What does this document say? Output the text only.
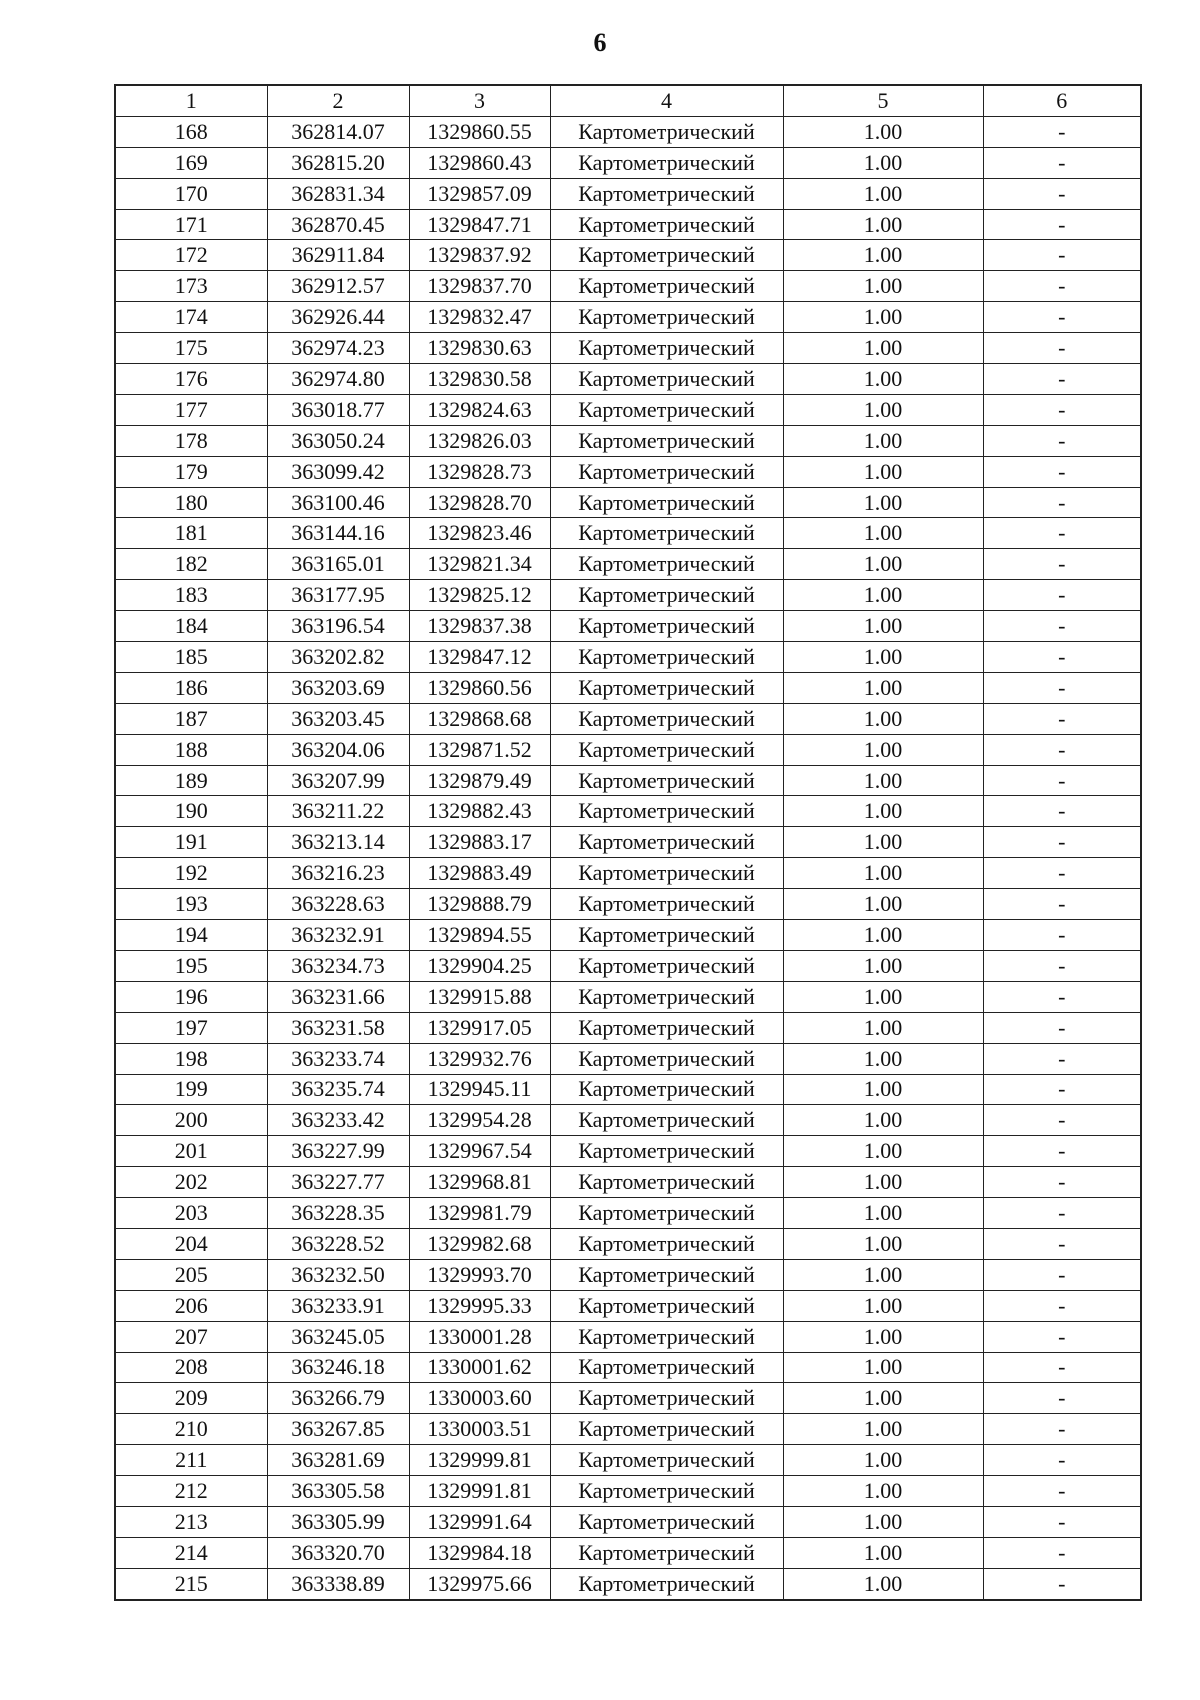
6
1	2	3	4	5	6
168	362814.07	1329860.55	Картометрический	1.00	-
169	362815.20	1329860.43	Картометрический	1.00	-
170	362831.34	1329857.09	Картометрический	1.00	-
171	362870.45	1329847.71	Картометрический	1.00	-
172	362911.84	1329837.92	Картометрический	1.00	-
173	362912.57	1329837.70	Картометрический	1.00	-
174	362926.44	1329832.47	Картометрический	1.00	-
175	362974.23	1329830.63	Картометрический	1.00	-
176	362974.80	1329830.58	Картометрический	1.00	-
177	363018.77	1329824.63	Картометрический	1.00	-
178	363050.24	1329826.03	Картометрический	1.00	-
179	363099.42	1329828.73	Картометрический	1.00	-
180	363100.46	1329828.70	Картометрический	1.00	-
181	363144.16	1329823.46	Картометрический	1.00	-
182	363165.01	1329821.34	Картометрический	1.00	-
183	363177.95	1329825.12	Картометрический	1.00	-
184	363196.54	1329837.38	Картометрический	1.00	-
185	363202.82	1329847.12	Картометрический	1.00	-
186	363203.69	1329860.56	Картометрический	1.00	-
187	363203.45	1329868.68	Картометрический	1.00	-
188	363204.06	1329871.52	Картометрический	1.00	-
189	363207.99	1329879.49	Картометрический	1.00	-
190	363211.22	1329882.43	Картометрический	1.00	-
191	363213.14	1329883.17	Картометрический	1.00	-
192	363216.23	1329883.49	Картометрический	1.00	-
193	363228.63	1329888.79	Картометрический	1.00	-
194	363232.91	1329894.55	Картометрический	1.00	-
195	363234.73	1329904.25	Картометрический	1.00	-
196	363231.66	1329915.88	Картометрический	1.00	-
197	363231.58	1329917.05	Картометрический	1.00	-
198	363233.74	1329932.76	Картометрический	1.00	-
199	363235.74	1329945.11	Картометрический	1.00	-
200	363233.42	1329954.28	Картометрический	1.00	-
201	363227.99	1329967.54	Картометрический	1.00	-
202	363227.77	1329968.81	Картометрический	1.00	-
203	363228.35	1329981.79	Картометрический	1.00	-
204	363228.52	1329982.68	Картометрический	1.00	-
205	363232.50	1329993.70	Картометрический	1.00	-
206	363233.91	1329995.33	Картометрический	1.00	-
207	363245.05	1330001.28	Картометрический	1.00	-
208	363246.18	1330001.62	Картометрический	1.00	-
209	363266.79	1330003.60	Картометрический	1.00	-
210	363267.85	1330003.51	Картометрический	1.00	-
211	363281.69	1329999.81	Картометрический	1.00	-
212	363305.58	1329991.81	Картометрический	1.00	-
213	363305.99	1329991.64	Картометрический	1.00	-
214	363320.70	1329984.18	Картометрический	1.00	-
215	363338.89	1329975.66	Картометрический	1.00	-
